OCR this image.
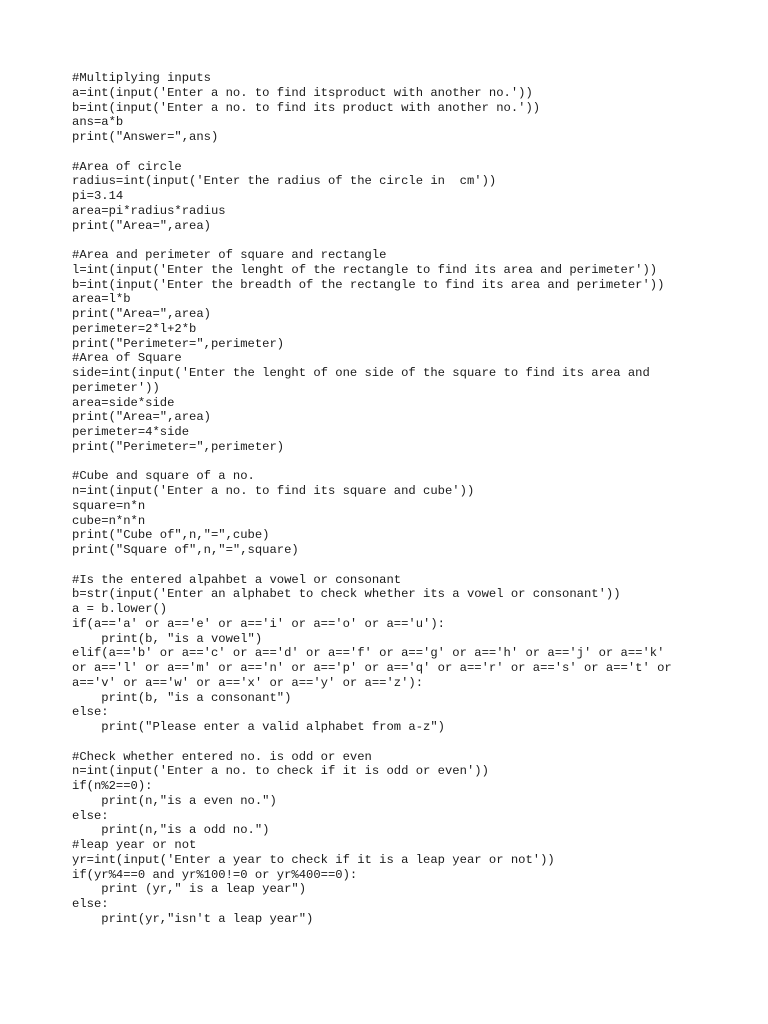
#Multiplying inputs
a=int(input('Enter a no. to find itsproduct with another no.'))
b=int(input('Enter a no. to find its product with another no.'))
ans=a*b
print("Answer=",ans)
#Area of circle
radius=int(input('Enter the radius of the circle in  cm'))
pi=3.14
area=pi*radius*radius
print("Area=",area)
#Area and perimeter of square and rectangle
l=int(input('Enter the lenght of the rectangle to find its area and perimeter'))
b=int(input('Enter the breadth of the rectangle to find its area and perimeter'))
area=l*b
print("Area=",area)
perimeter=2*l+2*b
print("Perimeter=",perimeter)
#Area of Square
side=int(input('Enter the lenght of one side of the square to find its area and
perimeter'))
area=side*side
print("Area=",area)
perimeter=4*side
print("Perimeter=",perimeter)
#Cube and square of a no.
n=int(input('Enter a no. to find its square and cube'))
square=n*n
cube=n*n*n
print("Cube of",n,"=",cube)
print("Square of",n,"=",square)
#Is the entered alpahbet a vowel or consonant
b=str(input('Enter an alphabet to check whether its a vowel or consonant'))
a = b.lower()
if(a=='a' or a=='e' or a=='i' or a=='o' or a=='u'):
print(b, "is a vowel")
elif(a=='b' or a=='c' or a=='d' or a=='f' or a=='g' or a=='h' or a=='j' or a=='k'
or a=='l' or a=='m' or a=='n' or a=='p' or a=='q' or a=='r' or a=='s' or a=='t' or
a=='v' or a=='w' or a=='x' or a=='y' or a=='z'):
print(b, "is a consonant")
else:
print("Please enter a valid alphabet from a-z")
#Check whether entered no. is odd or even
n=int(input('Enter a no. to check if it is odd or even'))
if(n%2==0):
print(n,"is a even no.")
else:
print(n,"is a odd no.")
#leap year or not
yr=int(input('Enter a year to check if it is a leap year or not'))
if(yr%4==0 and yr%100!=0 or yr%400==0):
print (yr," is a leap year")
else:
print(yr,"isn't a leap year")
